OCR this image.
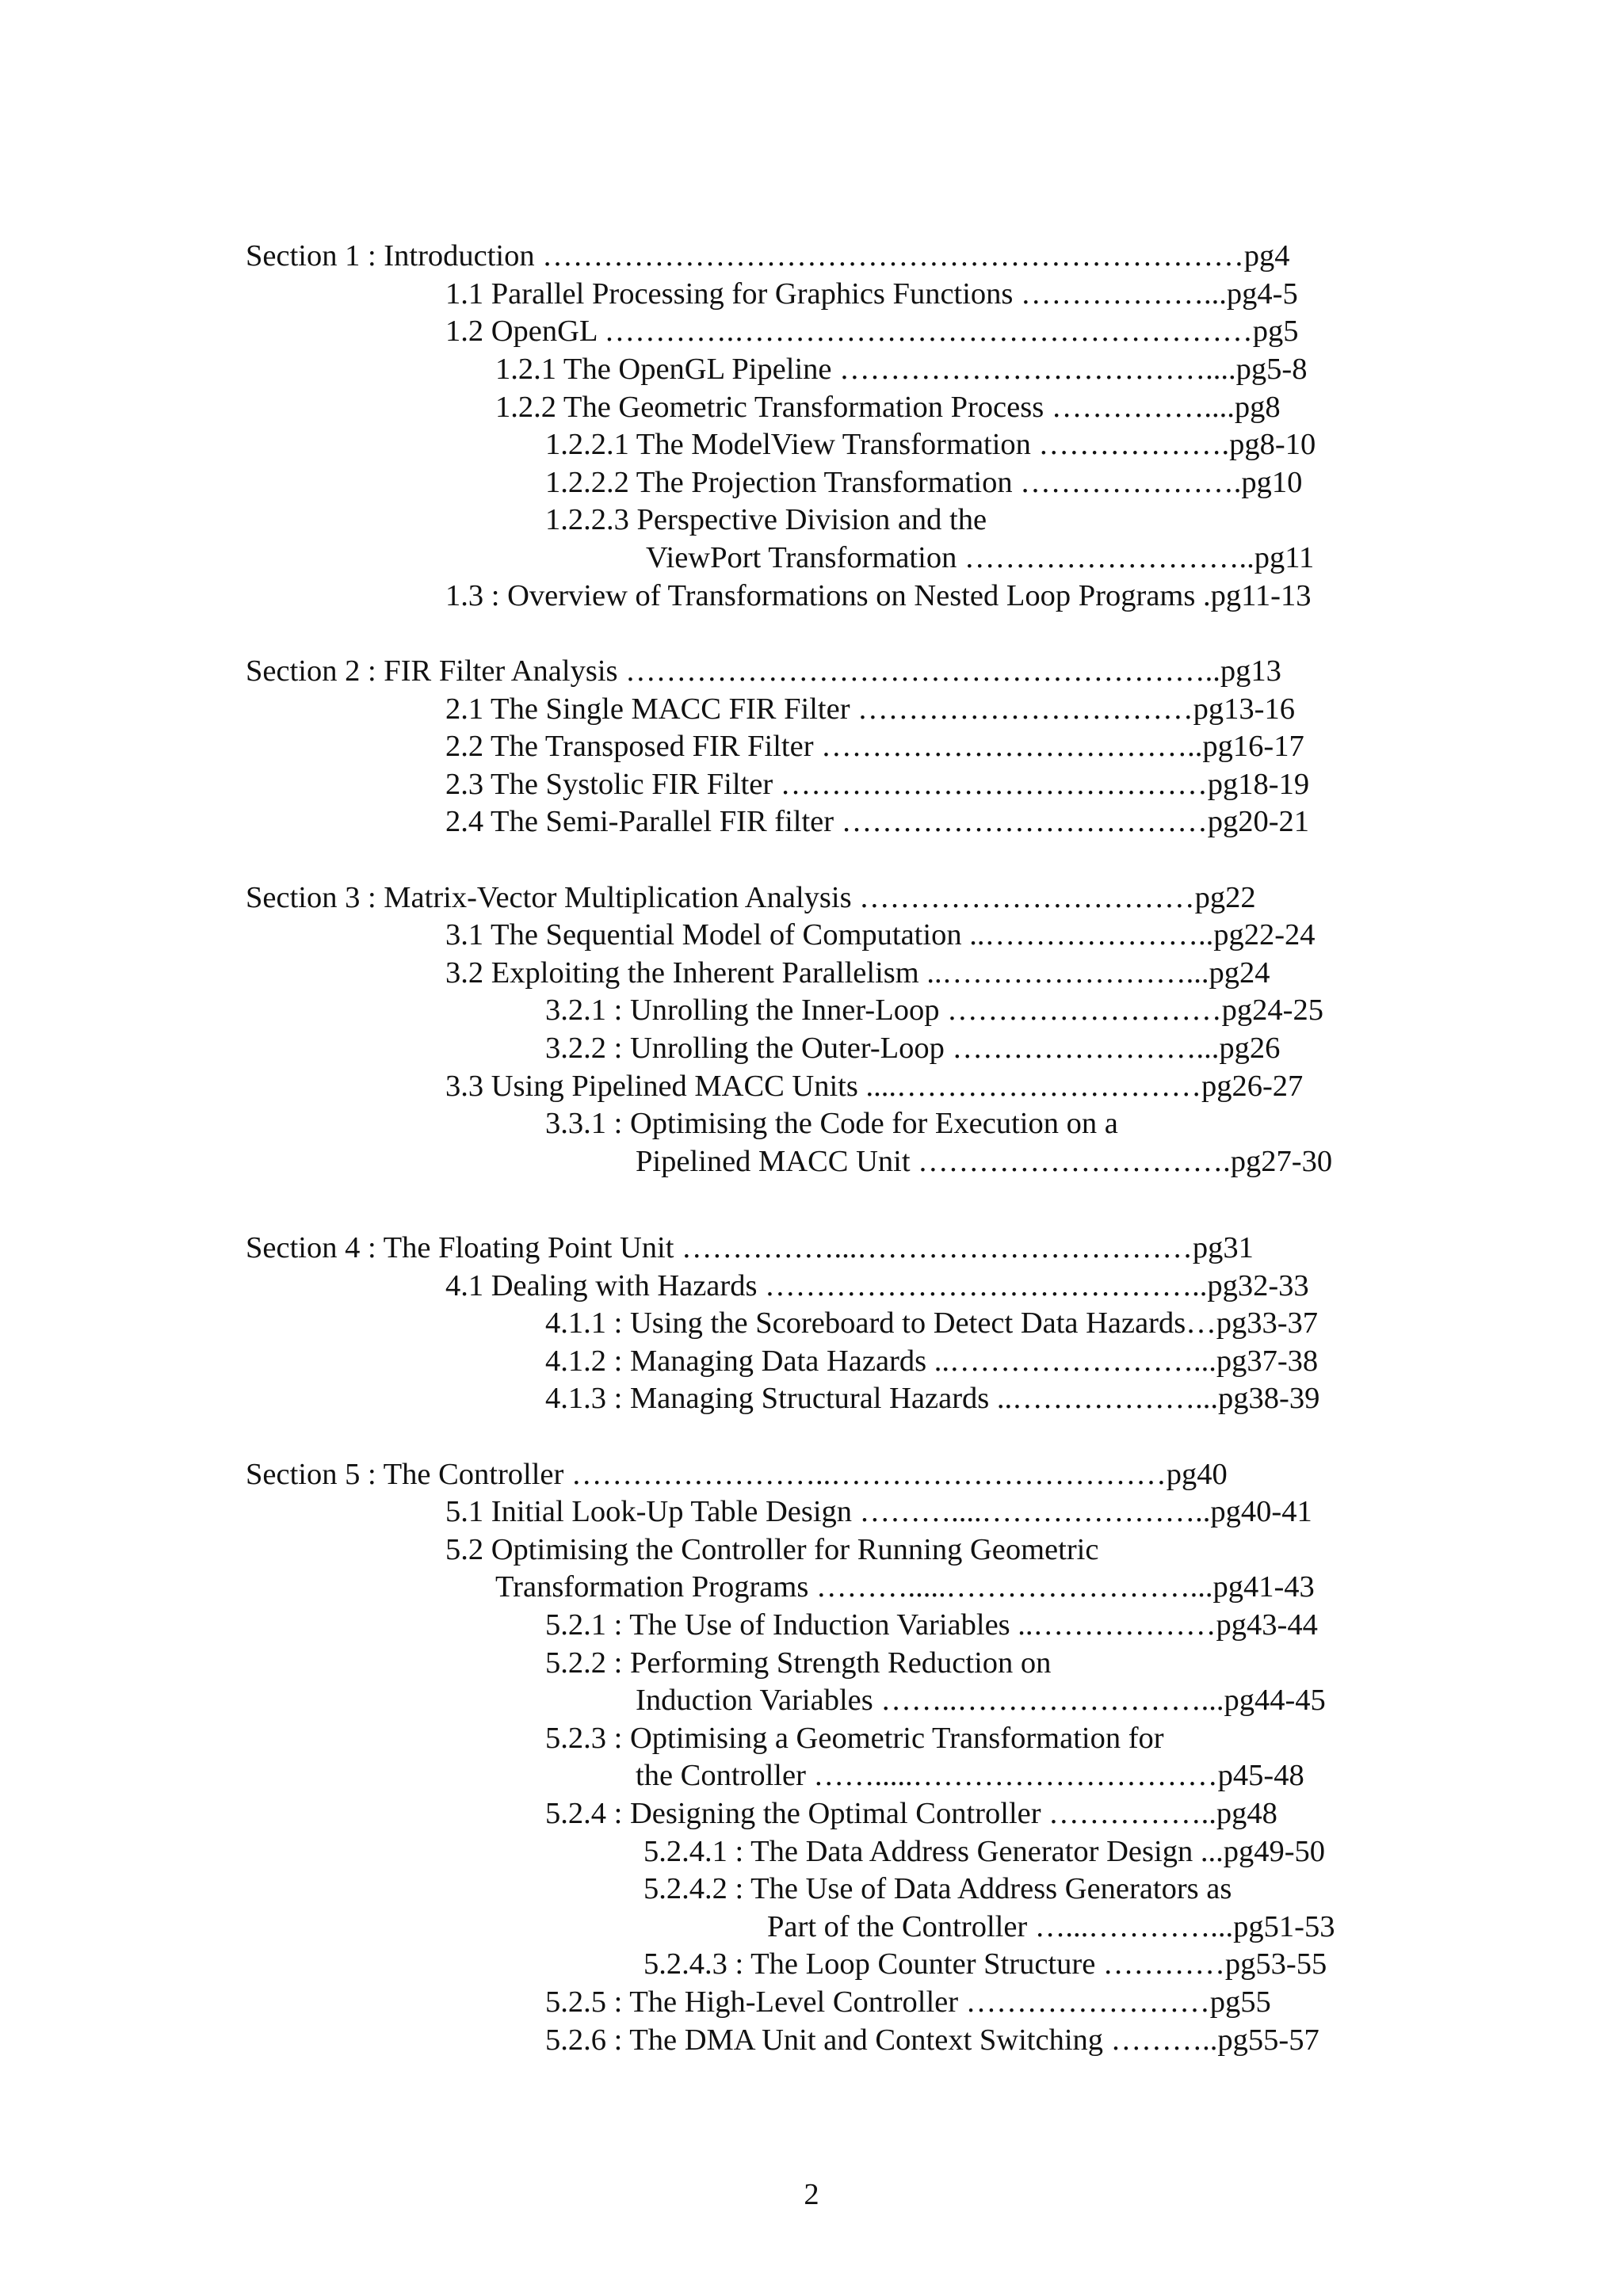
Section 1 : Introduction ……………………………………………………………pg4
1.1 Parallel Processing for Graphics Functions ………………...pg4-5
1.2 OpenGL ………….……………………………………………pg5
1.2.1 The OpenGL Pipeline ………………………………....pg5-8
1.2.2 The Geometric Transformation Process ……………....pg8
1.2.2.1 The ModelView Transformation ……………….pg8-10
1.2.2.2 The Projection Transformation ………………….pg10
1.2.2.3 Perspective Division and the
ViewPort Transformation ………………………..pg11
1.3 : Overview of Transformations on Nested Loop Programs .pg11-13
Section 2 : FIR Filter Analysis …………………………………………………..pg13
2.1 The Single MACC FIR Filter ……………………………pg13-16
2.2 The Transposed FIR Filter ………………………………..pg16-17
2.3 The Systolic FIR Filter ……………………………………pg18-19
2.4 The Semi-Parallel FIR filter ………………………………pg20-21
Section 3 : Matrix-Vector Multiplication Analysis ……………………………pg22
3.1 The Sequential Model of Computation ..…………………..pg22-24
3.2 Exploiting the Inherent Parallelism ..……………………...pg24
3.2.1 : Unrolling the Inner-Loop ………………………pg24-25
3.2.2 : Unrolling the Outer-Loop ……………………...pg26
3.3 Using Pipelined MACC Units ....…………………………pg26-27
3.3.1 : Optimising the Code for Execution on a
Pipelined MACC Unit ………………………….pg27-30
Section 4 : The Floating Point Unit ……………...……………………………pg31
4.1 Dealing with Hazards ……………………………………..pg32-33
4.1.1 : Using the Scoreboard to Detect Data Hazards…pg33-37
4.1.2 : Managing Data Hazards ..……………………...pg37-38
4.1.3 : Managing Structural Hazards ..………………...pg38-39
Section 5 : The Controller ……………………..……………………………pg40
5.1 Initial Look-Up Table Design ………....…………………..pg40-41
5.2 Optimising the Controller for Running Geometric
Transformation Programs ……….....……………………...pg41-43
5.2.1 : The Use of Induction Variables ..………………pg43-44
5.2.2 : Performing Strength Reduction on
Induction Variables ……..……………………...pg44-45
5.2.3 : Optimising a Geometric Transformation for
the Controller …….....…………………………p45-48
5.2.4 : Designing the Optimal Controller ……………..pg48
5.2.4.1 : The Data Address Generator Design ...pg49-50
5.2.4.2 : The Use of Data Address Generators as
Part of the Controller …...…………...pg51-53
5.2.4.3 : The Loop Counter Structure …………pg53-55
5.2.5 : The High-Level Controller ……………………pg55
5.2.6 : The DMA Unit and Context Switching ………..pg55-57
2
